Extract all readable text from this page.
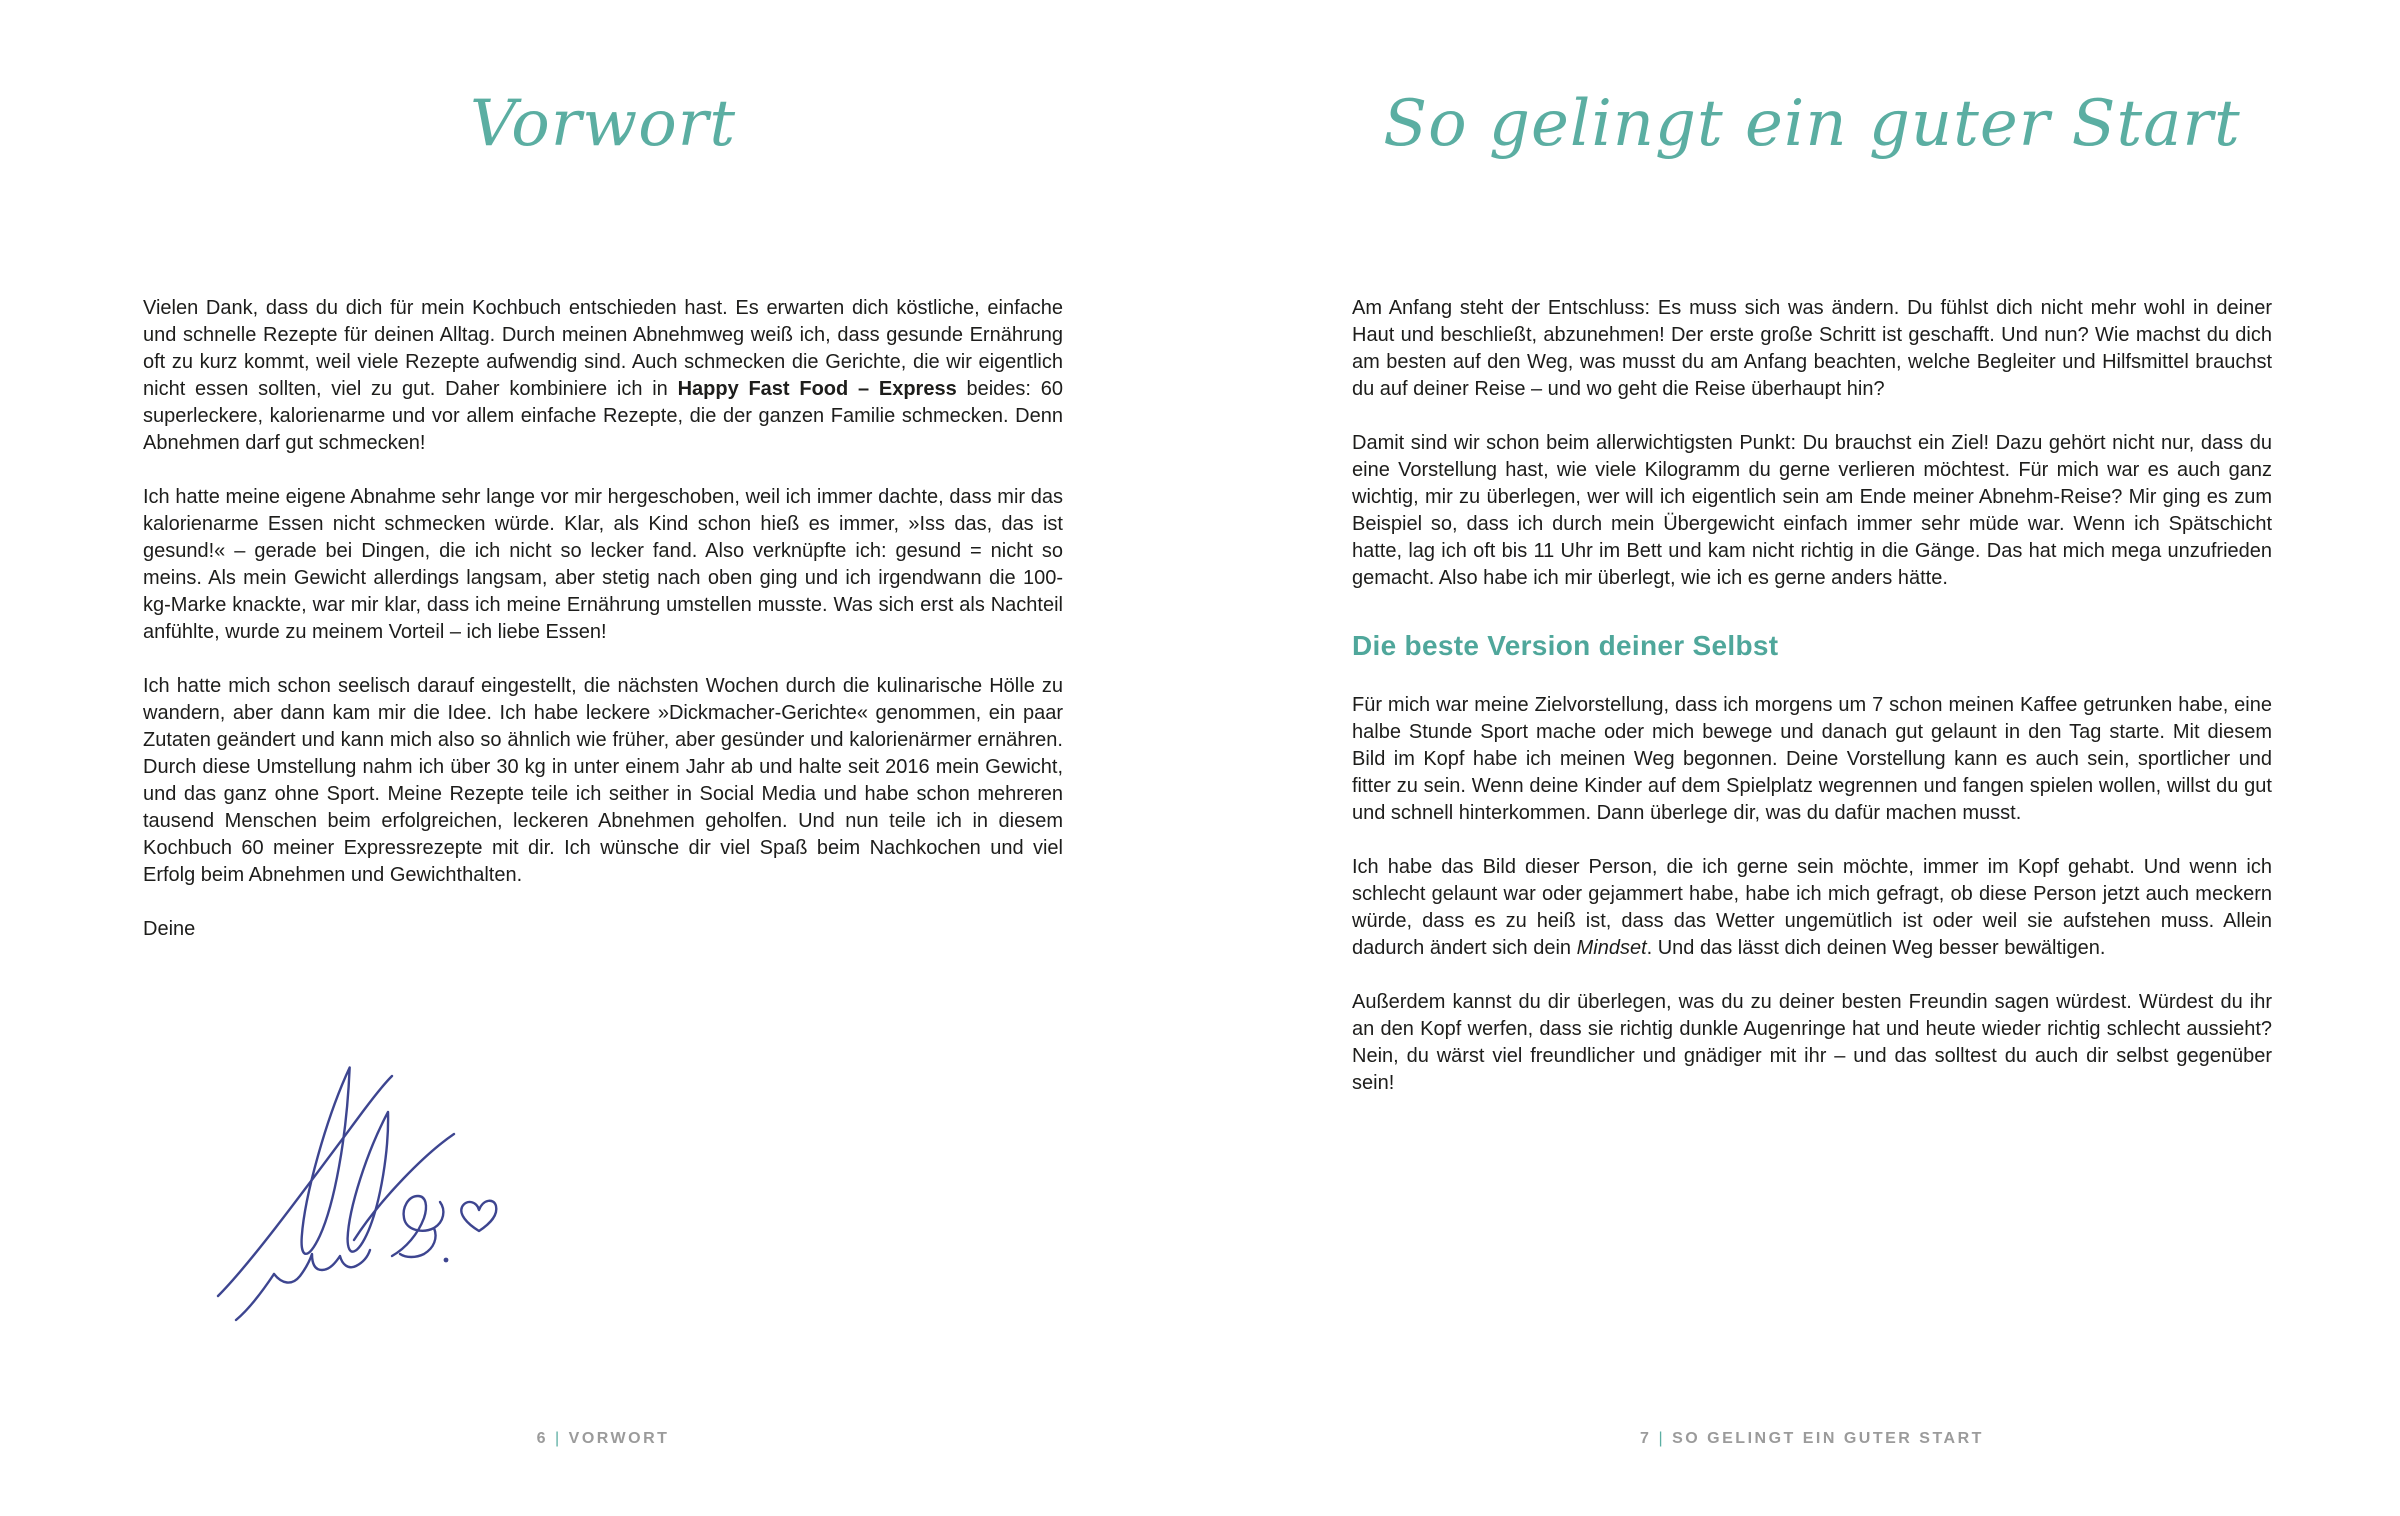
Vorwort

Vielen Dank, dass du dich für mein Kochbuch entschieden hast. Es erwarten dich köstliche, einfache und schnelle Rezepte für deinen Alltag. Durch meinen Abnehmweg weiß ich, dass gesunde Ernährung oft zu kurz kommt, weil viele Rezepte aufwendig sind. Auch schmecken die Gerichte, die wir eigentlich nicht essen sollten, viel zu gut. Daher kombiniere ich in Happy Fast Food – Express beides: 60 superleckere, kalorienarme und vor allem einfache Rezepte, die der ganzen Familie schmecken. Denn Abnehmen darf gut schmecken!

Ich hatte meine eigene Abnahme sehr lange vor mir hergeschoben, weil ich immer dachte, dass mir das kalorienarme Essen nicht schmecken würde. Klar, als Kind schon hieß es immer, »Iss das, das ist gesund!« – gerade bei Dingen, die ich nicht so lecker fand. Also verknüpfte ich: gesund = nicht so meins. Als mein Gewicht allerdings langsam, aber stetig nach oben ging und ich irgendwann die 100-kg-Marke knackte, war mir klar, dass ich meine Ernährung umstellen musste. Was sich erst als Nachteil anfühlte, wurde zu meinem Vorteil – ich liebe Essen!

Ich hatte mich schon seelisch darauf eingestellt, die nächsten Wochen durch die kulinarische Hölle zu wandern, aber dann kam mir die Idee. Ich habe leckere »Dickmacher-Gerichte« genommen, ein paar Zutaten geändert und kann mich also so ähnlich wie früher, aber gesünder und kalorienärmer ernähren. Durch diese Umstellung nahm ich über 30 kg in unter einem Jahr ab und halte seit 2016 mein Gewicht, und das ganz ohne Sport. Meine Rezepte teile ich seither in Social Media und habe schon mehreren tausend Menschen beim erfolgreichen, leckeren Abnehmen geholfen. Und nun teile ich in diesem Kochbuch 60 meiner Expressrezepte mit dir. Ich wünsche dir viel Spaß beim Nachkochen und viel Erfolg beim Abnehmen und Gewichthalten.

Deine

6 | VORWORT
So gelingt ein guter Start

Am Anfang steht der Entschluss: Es muss sich was ändern. Du fühlst dich nicht mehr wohl in deiner Haut und beschließt, abzunehmen! Der erste große Schritt ist geschafft. Und nun? Wie machst du dich am besten auf den Weg, was musst du am Anfang beachten, welche Begleiter und Hilfsmittel brauchst du auf deiner Reise – und wo geht die Reise überhaupt hin?

Damit sind wir schon beim allerwichtigsten Punkt: Du brauchst ein Ziel! Dazu gehört nicht nur, dass du eine Vorstellung hast, wie viele Kilogramm du gerne verlieren möchtest. Für mich war es auch ganz wichtig, mir zu überlegen, wer will ich eigentlich sein am Ende meiner Abnehm-Reise? Mir ging es zum Beispiel so, dass ich durch mein Übergewicht einfach immer sehr müde war. Wenn ich Spätschicht hatte, lag ich oft bis 11 Uhr im Bett und kam nicht richtig in die Gänge. Das hat mich mega unzufrieden gemacht. Also habe ich mir überlegt, wie ich es gerne anders hätte.

Die beste Version deiner Selbst

Für mich war meine Zielvorstellung, dass ich morgens um 7 schon meinen Kaffee getrunken habe, eine halbe Stunde Sport mache oder mich bewege und danach gut gelaunt in den Tag starte. Mit diesem Bild im Kopf habe ich meinen Weg begonnen. Deine Vorstellung kann es auch sein, sportlicher und fitter zu sein. Wenn deine Kinder auf dem Spielplatz wegrennen und fangen spielen wollen, willst du gut und schnell hinterkommen. Dann überlege dir, was du dafür machen musst.

Ich habe das Bild dieser Person, die ich gerne sein möchte, immer im Kopf gehabt. Und wenn ich schlecht gelaunt war oder gejammert habe, habe ich mich gefragt, ob diese Person jetzt auch meckern würde, dass es zu heiß ist, dass das Wetter ungemütlich ist oder weil sie aufstehen muss. Allein dadurch ändert sich dein Mindset. Und das lässt dich deinen Weg besser bewältigen.

Außerdem kannst du dir überlegen, was du zu deiner besten Freundin sagen würdest. Würdest du ihr an den Kopf werfen, dass sie richtig dunkle Augenringe hat und heute wieder richtig schlecht aussieht? Nein, du wärst viel freundlicher und gnädiger mit ihr – und das solltest du auch dir selbst gegenüber sein!

7 | SO GELINGT EIN GUTER START
